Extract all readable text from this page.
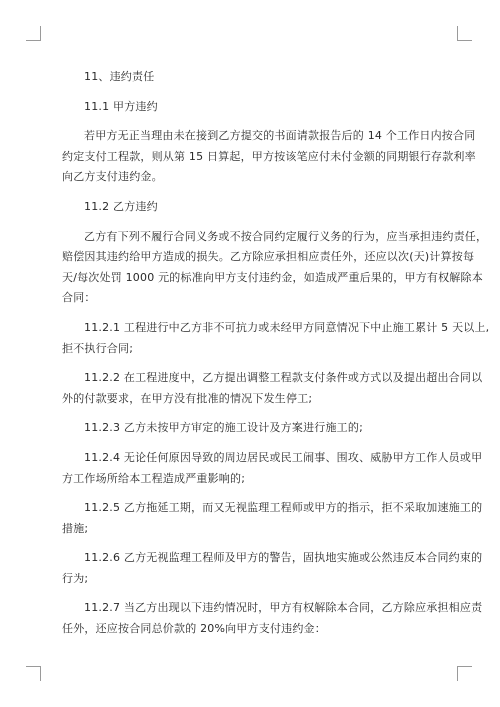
11、违约责任

11.1 甲方违约

若甲方无正当理由未在接到乙方提交的书面请款报告后的 14 个工作日内按合同
约定支付工程款，则从第 15 日算起，甲方按该笔应付未付金额的同期银行存款利率
向乙方支付违约金。

11.2 乙方违约

乙方有下列不履行合同义务或不按合同约定履行义务的行为，应当承担违约责任，
赔偿因其违约给甲方造成的损失。乙方除应承担相应责任外，还应以次(天)计算按每
天/每次处罚 1000 元的标准向甲方支付违约金，如造成严重后果的，甲方有权解除本
合同：

11.2.1 工程进行中乙方非不可抗力或未经甲方同意情况下中止施工累计 5 天以上,
拒不执行合同;

11.2.2 在工程进度中，乙方提出调整工程款支付条件或方式以及提出超出合同以
外的付款要求，在甲方没有批准的情况下发生停工;

11.2.3 乙方未按甲方审定的施工设计及方案进行施工的;

11.2.4 无论任何原因导致的周边居民或民工闹事、围攻、威胁甲方工作人员或甲
方工作场所给本工程造成严重影响的;

11.2.5 乙方拖延工期，而又无视监理工程师或甲方的指示，拒不采取加速施工的
措施;

11.2.6 乙方无视监理工程师及甲方的警告，固执地实施或公然违反本合同约束的
行为;

11.2.7 当乙方出现以下违约情况时，甲方有权解除本合同，乙方除应承担相应责
任外，还应按合同总价款的 20%向甲方支付违约金：
